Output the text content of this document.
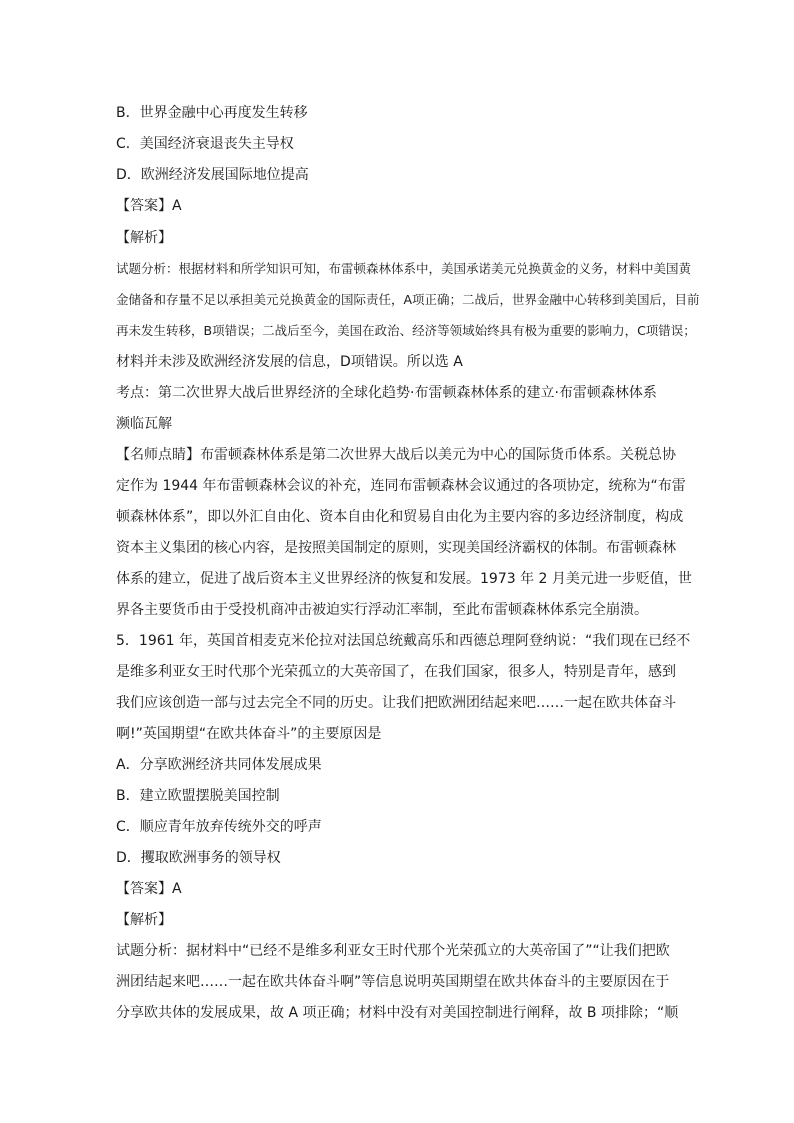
B．世界金融中心再度发生转移
C．美国经济衰退丧失主导权
D．欧洲经济发展国际地位提高
【答案】A
【解析】
试题分析：根据材料和所学知识可知，布雷顿森林体系中，美国承诺美元兑换黄金的义务，材料中美国黄
金储备和存量不足以承担美元兑换黄金的国际责任，A项正确；二战后，世界金融中心转移到美国后，目前
再未发生转移，B项错误；二战后至今，美国在政治、经济等领域始终具有极为重要的影响力，C项错误；
材料并未涉及欧洲经济发展的信息，D项错误。所以选 A
考点：第二次世界大战后世界经济的全球化趋势·布雷顿森林体系的建立·布雷顿森林体系
濒临瓦解
【名师点睛】布雷顿森林体系是第二次世界大战后以美元为中心的国际货币体系。关税总协
定作为 1944 年布雷顿森林会议的补充，连同布雷顿森林会议通过的各项协定，统称为“布雷
顿森林体系”，即以外汇自由化、资本自由化和贸易自由化为主要内容的多边经济制度，构成
资本主义集团的核心内容，是按照美国制定的原则，实现美国经济霸权的体制。布雷顿森林
体系的建立，促进了战后资本主义世界经济的恢复和发展。1973 年 2 月美元进一步贬值，世
界各主要货币由于受投机商冲击被迫实行浮动汇率制，至此布雷顿森林体系完全崩溃。
5．1961 年，英国首相麦克米伦拉对法国总统戴高乐和西德总理阿登纳说：“我们现在已经不
是维多利亚女王时代那个光荣孤立的大英帝国了，在我们国家，很多人，特别是青年，感到
我们应该创造一部与过去完全不同的历史。让我们把欧洲团结起来吧……一起在欧共体奋斗
啊!”英国期望“在欧共体奋斗”的主要原因是
A．分享欧洲经济共同体发展成果
B．建立欧盟摆脱美国控制
C．顺应青年放弃传统外交的呼声
D．攫取欧洲事务的领导权
【答案】A
【解析】
试题分析：据材料中“已经不是维多利亚女王时代那个光荣孤立的大英帝国了”“让我们把欧
洲团结起来吧……一起在欧共体奋斗啊”等信息说明英国期望在欧共体奋斗的主要原因在于
分享欧共体的发展成果，故 A 项正确；材料中没有对美国控制进行阐释，故 B 项排除；“顺
